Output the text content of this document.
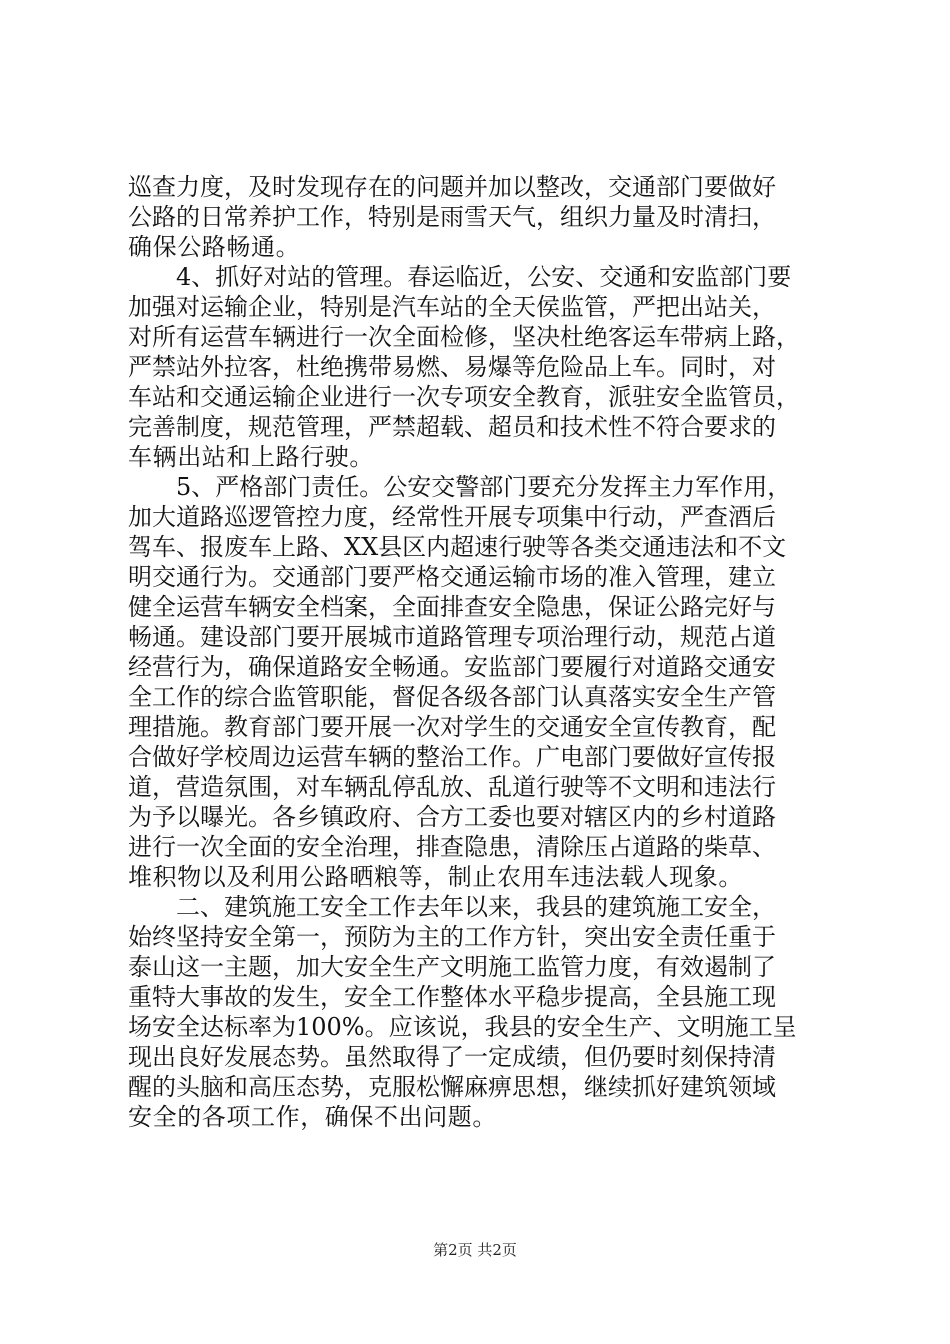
巡查力度，及时发现存在的问题并加以整改，交通部门要做好
公路的日常养护工作，特别是雨雪天气，组织力量及时清扫，
确保公路畅通。
4、抓好对站的管理。春运临近，公安、交通和安监部门要
加强对运输企业，特别是汽车站的全天侯监管，严把出站关，
对所有运营车辆进行一次全面检修，坚决杜绝客运车带病上路，
严禁站外拉客，杜绝携带易燃、易爆等危险品上车。同时，对
车站和交通运输企业进行一次专项安全教育，派驻安全监管员，
完善制度，规范管理，严禁超载、超员和技术性不符合要求的
车辆出站和上路行驶。
5、严格部门责任。公安交警部门要充分发挥主力军作用，
加大道路巡逻管控力度，经常性开展专项集中行动，严查酒后
驾车、报废车上路、XX县区内超速行驶等各类交通违法和不文
明交通行为。交通部门要严格交通运输市场的准入管理，建立
健全运营车辆安全档案，全面排查安全隐患，保证公路完好与
畅通。建设部门要开展城市道路管理专项治理行动，规范占道
经营行为，确保道路安全畅通。安监部门要履行对道路交通安
全工作的综合监管职能，督促各级各部门认真落实安全生产管
理措施。教育部门要开展一次对学生的交通安全宣传教育，配
合做好学校周边运营车辆的整治工作。广电部门要做好宣传报
道，营造氛围，对车辆乱停乱放、乱道行驶等不文明和违法行
为予以曝光。各乡镇政府、合方工委也要对辖区内的乡村道路
进行一次全面的安全治理，排查隐患，清除压占道路的柴草、
堆积物以及利用公路晒粮等，制止农用车违法载人现象。
二、建筑施工安全工作去年以来，我县的建筑施工安全，
始终坚持安全第一，预防为主的工作方针，突出安全责任重于
泰山这一主题，加大安全生产文明施工监管力度，有效遏制了
重特大事故的发生，安全工作整体水平稳步提高，全县施工现
场安全达标率为100%。应该说，我县的安全生产、文明施工呈
现出良好发展态势。虽然取得了一定成绩，但仍要时刻保持清
醒的头脑和高压态势，克服松懈麻痹思想，继续抓好建筑领域
安全的各项工作，确保不出问题。
第2页 共2页
